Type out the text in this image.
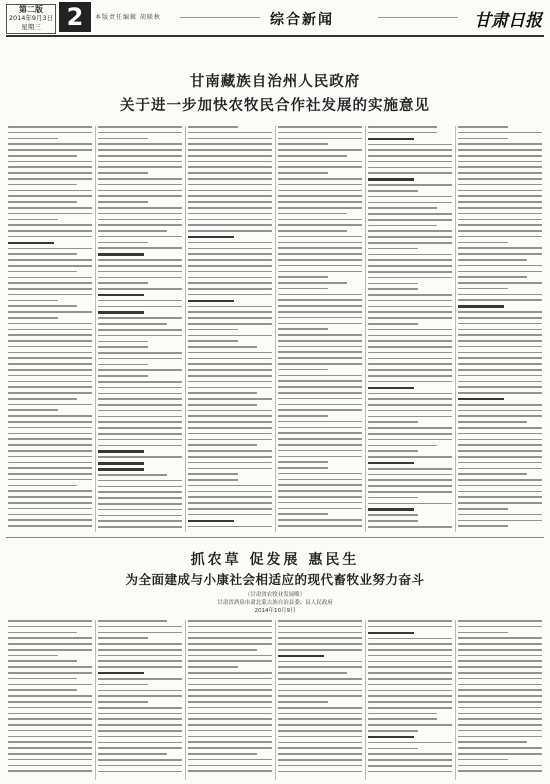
第二版
2014年9月3日
星期三	2	本版责任编辑 胡联秋	综合新闻	甘肃日报
甘南藏族自治州人民政府
关于进一步加快农牧民合作社发展的实施意见
抓农草 促发展 惠民生
为全面建成与小康社会相适应的现代畜牧业努力奋斗
（甘肃省农牧业发展略）
甘肃省酒泉市肃北蒙古族自治县委、县人民政府
2014年10月9日
